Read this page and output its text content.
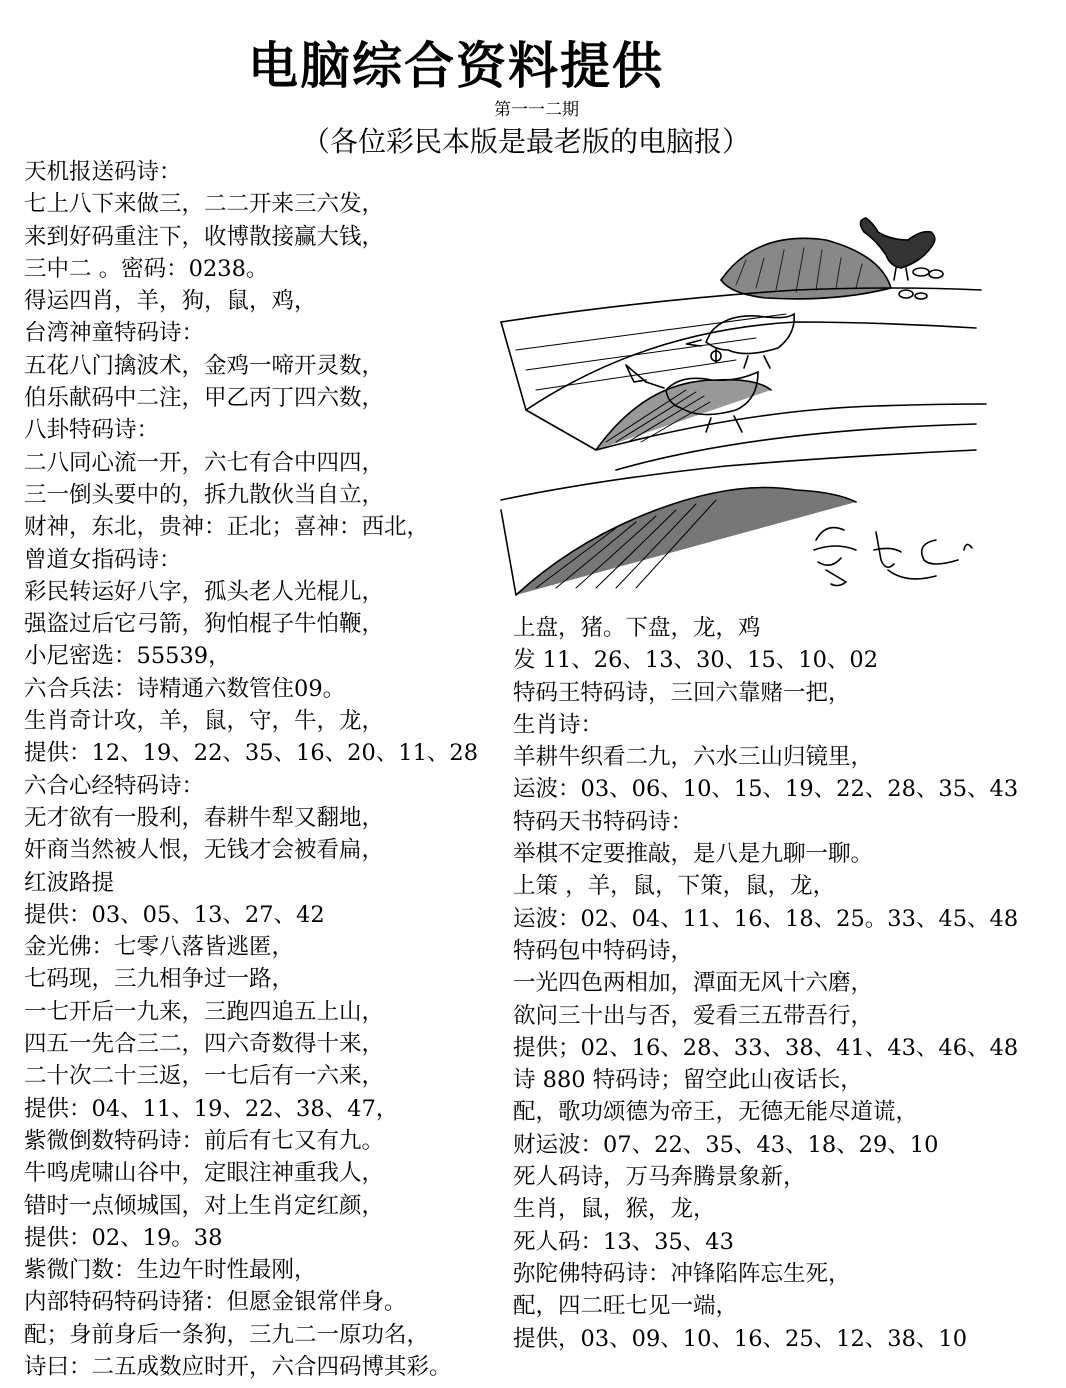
电脑综合资料提供
第一一二期
（各位彩民本版是最老版的电脑报）
天机报送码诗：
七上八下来做三，二二开来三六发，
来到好码重注下，收博散接赢大钱，
三中二 。密码：0238。
得运四肖，羊，狗，鼠，鸡，
台湾神童特码诗：
五花八门擒波术，金鸡一啼开灵数，
伯乐献码中二注，甲乙丙丁四六数，
八卦特码诗：
二八同心流一开，六七有合中四四，
三一倒头要中的，拆九散伙当自立，
财神，东北，贵神：正北；喜神：西北，
曾道女指码诗：
彩民转运好八字，孤头老人光棍儿，
强盗过后它弓箭，狗怕棍子牛怕鞭，
小尼密选：55539，
六合兵法：诗精通六数管住09。
生肖奇计攻，羊，鼠，守，牛，龙，
提供：12、19、22、35、16、20、11、28
六合心经特码诗：
无才欲有一股利，春耕牛犁又翻地，
奸商当然被人恨，无钱才会被看扁，
红波路提
提供：03、05、13、27、42
金光佛：七零八落皆逃匿，
七码现，三九相争过一路，
一七开后一九来，三跑四追五上山，
四五一先合三二，四六奇数得十来，
二十次二十三返，一七后有一六来，
提供：04、11、19、22、38、47，
紫微倒数特码诗：前后有七又有九。
牛鸣虎啸山谷中，定眼注神重我人，
错时一点倾城国，对上生肖定红颜，
提供：02、19。38
紫微门数：生边午时性最刚，
内部特码特码诗猪：但愿金银常伴身。
配；身前身后一条狗，三九二一原功名，
诗曰：二五成数应时开，六合四码博其彩。
上盘，猪。下盘，龙，鸡
发 11、26、13、30、15、10、02
特码王特码诗，三回六靠赌一把，
生肖诗：
羊耕牛织看二九，六水三山归镜里，
运波：03、06、10、15、19、22、28、35、43
特码天书特码诗：
举棋不定要推敲，是八是九聊一聊。
上策 ，羊，鼠，下策，鼠，龙，
运波：02、04、11、16、18、25。33、45、48
特码包中特码诗，
一光四色两相加，潭面无风十六磨，
欲问三十出与否，爱看三五带吾行，
提供；02、16、28、33、38、41、43、46、48
诗 880 特码诗；留空此山夜话长，
配，歌功颂德为帝王，无德无能尽道谎，
财运波：07、22、35、43、18、29、10
死人码诗，万马奔腾景象新，
生肖，鼠，猴，龙，
死人码：13、35、43
弥陀佛特码诗：冲锋陷阵忘生死，
配，四二旺七见一端，
提供，03、09、10、16、25、12、38、10
